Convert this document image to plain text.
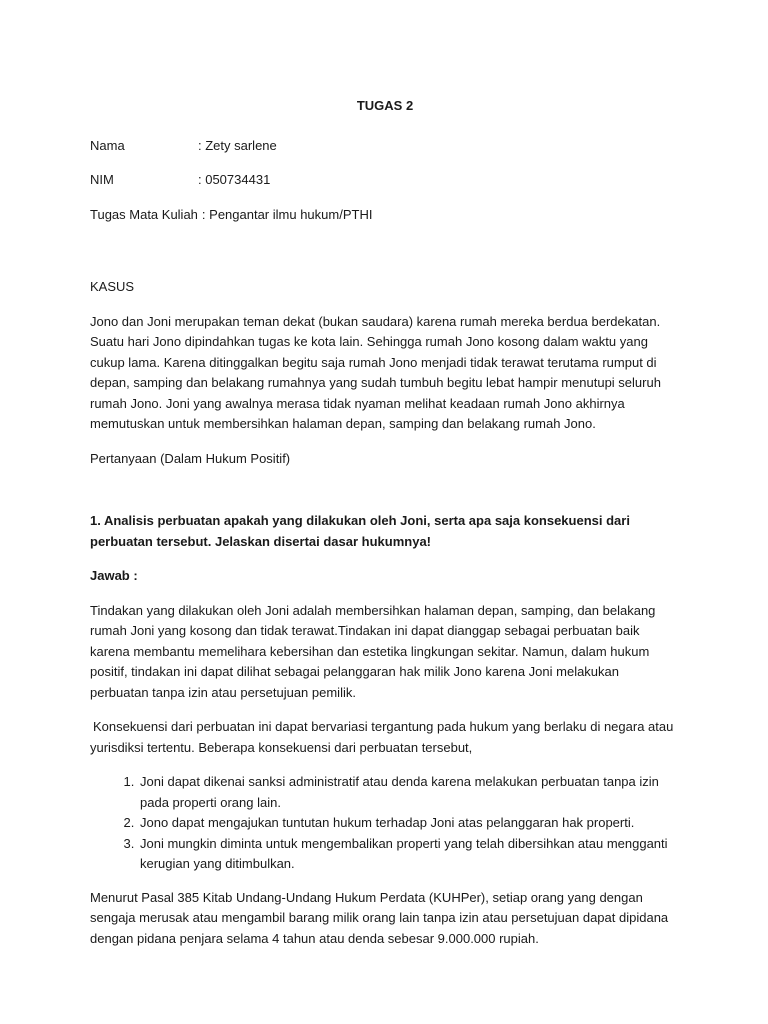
TUGAS 2
Nama	: Zety sarlene
NIM	: 050734431
Tugas Mata Kuliah : Pengantar ilmu hukum/PTHI

KASUS

Jono dan Joni merupakan teman dekat (bukan saudara) karena rumah mereka berdua berdekatan. Suatu hari Jono dipindahkan tugas ke kota lain. Sehingga rumah Jono kosong dalam waktu yang cukup lama. Karena ditinggalkan begitu saja rumah Jono menjadi tidak terawat terutama rumput di depan, samping dan belakang rumahnya yang sudah tumbuh begitu lebat hampir menutupi seluruh rumah Jono. Joni yang awalnya merasa tidak nyaman melihat keadaan rumah Jono akhirnya memutuskan untuk membersihkan halaman depan, samping dan belakang rumah Jono.

Pertanyaan (Dalam Hukum Positif)

1. Analisis perbuatan apakah yang dilakukan oleh Joni, serta apa saja konsekuensi dari perbuatan tersebut. Jelaskan disertai dasar hukumnya!

Jawab :

Tindakan yang dilakukan oleh Joni adalah membersihkan halaman depan, samping, dan belakang rumah Joni yang kosong dan tidak terawat.Tindakan ini dapat dianggap sebagai perbuatan baik karena membantu memelihara kebersihan dan estetika lingkungan sekitar. Namun, dalam hukum positif, tindakan ini dapat dilihat sebagai pelanggaran hak milik Jono karena Joni melakukan perbuatan tanpa izin atau persetujuan pemilik.

Konsekuensi dari perbuatan ini dapat bervariasi tergantung pada hukum yang berlaku di negara atau yurisdiksi tertentu. Beberapa konsekuensi dari perbuatan tersebut,

1. Joni dapat dikenai sanksi administratif atau denda karena melakukan perbuatan tanpa izin pada properti orang lain.
2. Jono dapat mengajukan tuntutan hukum terhadap Joni atas pelanggaran hak properti.
3. Joni mungkin diminta untuk mengembalikan properti yang telah dibersihkan atau mengganti kerugian yang ditimbulkan.

Menurut Pasal 385 Kitab Undang-Undang Hukum Perdata (KUHPer), setiap orang yang dengan sengaja merusak atau mengambil barang milik orang lain tanpa izin atau persetujuan dapat dipidana dengan pidana penjara selama 4 tahun atau denda sebesar 9.000.000 rupiah.
